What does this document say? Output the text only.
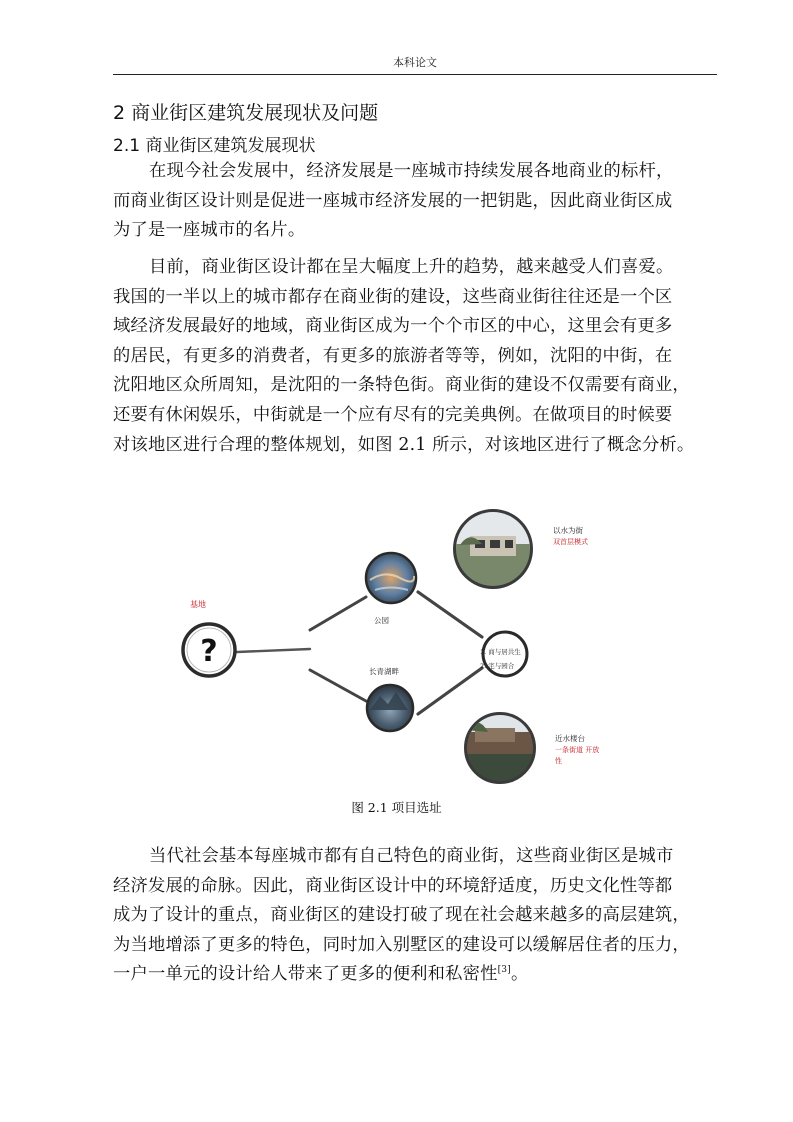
本科论文
2 商业街区建筑发展现状及问题
2.1 商业街区建筑发展现状
在现今社会发展中，经济发展是一座城市持续发展各地商业的标杆，
而商业街区设计则是促进一座城市经济发展的一把钥匙，因此商业街区成
为了是一座城市的名片。
目前，商业街区设计都在呈大幅度上升的趋势，越来越受人们喜爱。
我国的一半以上的城市都存在商业街的建设，这些商业街往往还是一个区
域经济发展最好的地域，商业街区成为一个个市区的中心，这里会有更多
的居民，有更多的消费者，有更多的旅游者等等，例如，沈阳的中街，在
沈阳地区众所周知，是沈阳的一条特色街。商业街的建设不仅需要有商业，
还要有休闲娱乐，中街就是一个应有尽有的完美典例。在做项目的时候要
对该地区进行合理的整体规划，如图 2.1 所示，对该地区进行了概念分析。
?
基地
公园
长青湖畔
1. 商与居共生
2. 宅与园合
以水为街
双首层模式
近水楼台
一条街道 开放
性
图 2.1 项目选址
当代社会基本每座城市都有自己特色的商业街，这些商业街区是城市
经济发展的命脉。因此，商业街区设计中的环境舒适度，历史文化性等都
成为了设计的重点，商业街区的建设打破了现在社会越来越多的高层建筑，
为当地增添了更多的特色，同时加入别墅区的建设可以缓解居住者的压力，
一户一单元的设计给人带来了更多的便利和私密性[3]。
